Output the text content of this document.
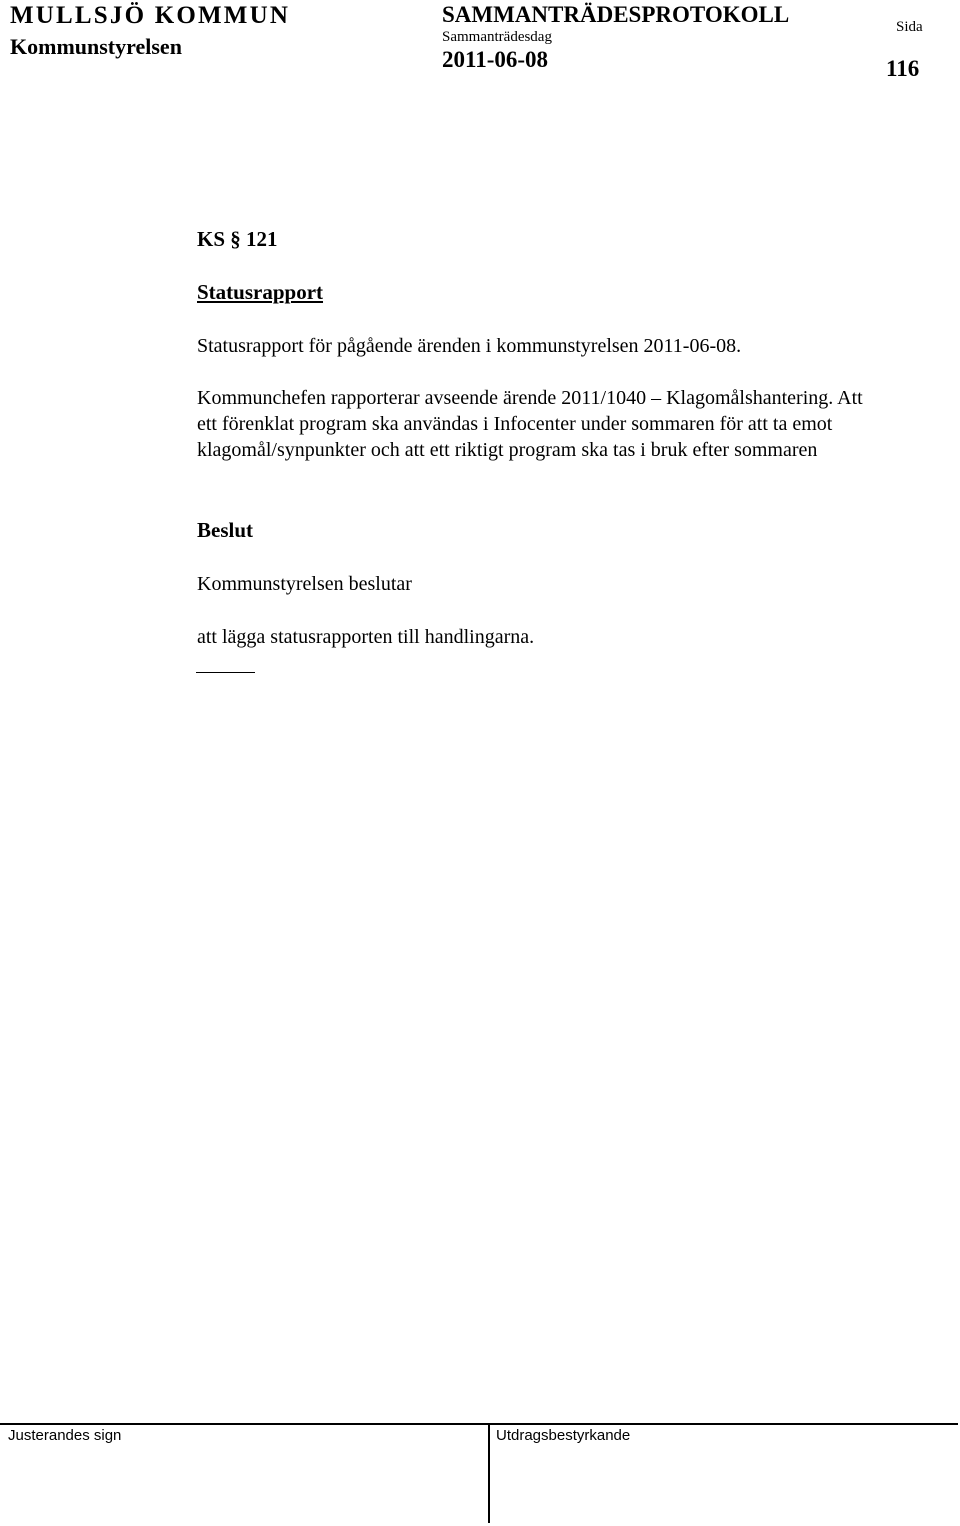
MULLSJÖ KOMMUN
Kommunstyrelsen
SAMMANTRÄDESPROTOKOLL
Sammanträdesdag
2011-06-08
Sida
116
KS § 121
Statusrapport
Statusrapport för pågående ärenden i kommunstyrelsen 2011-06-08.
Kommunchefen rapporterar avseende ärende 2011/1040 – Klagomålshantering. Att ett förenklat program ska användas i Infocenter under sommaren för att ta emot klagomål/synpunkter och att ett riktigt program ska tas i bruk efter sommaren
Beslut
Kommunstyrelsen beslutar
att lägga statusrapporten till handlingarna.
Justerandes sign	Utdragsbestyrkande
